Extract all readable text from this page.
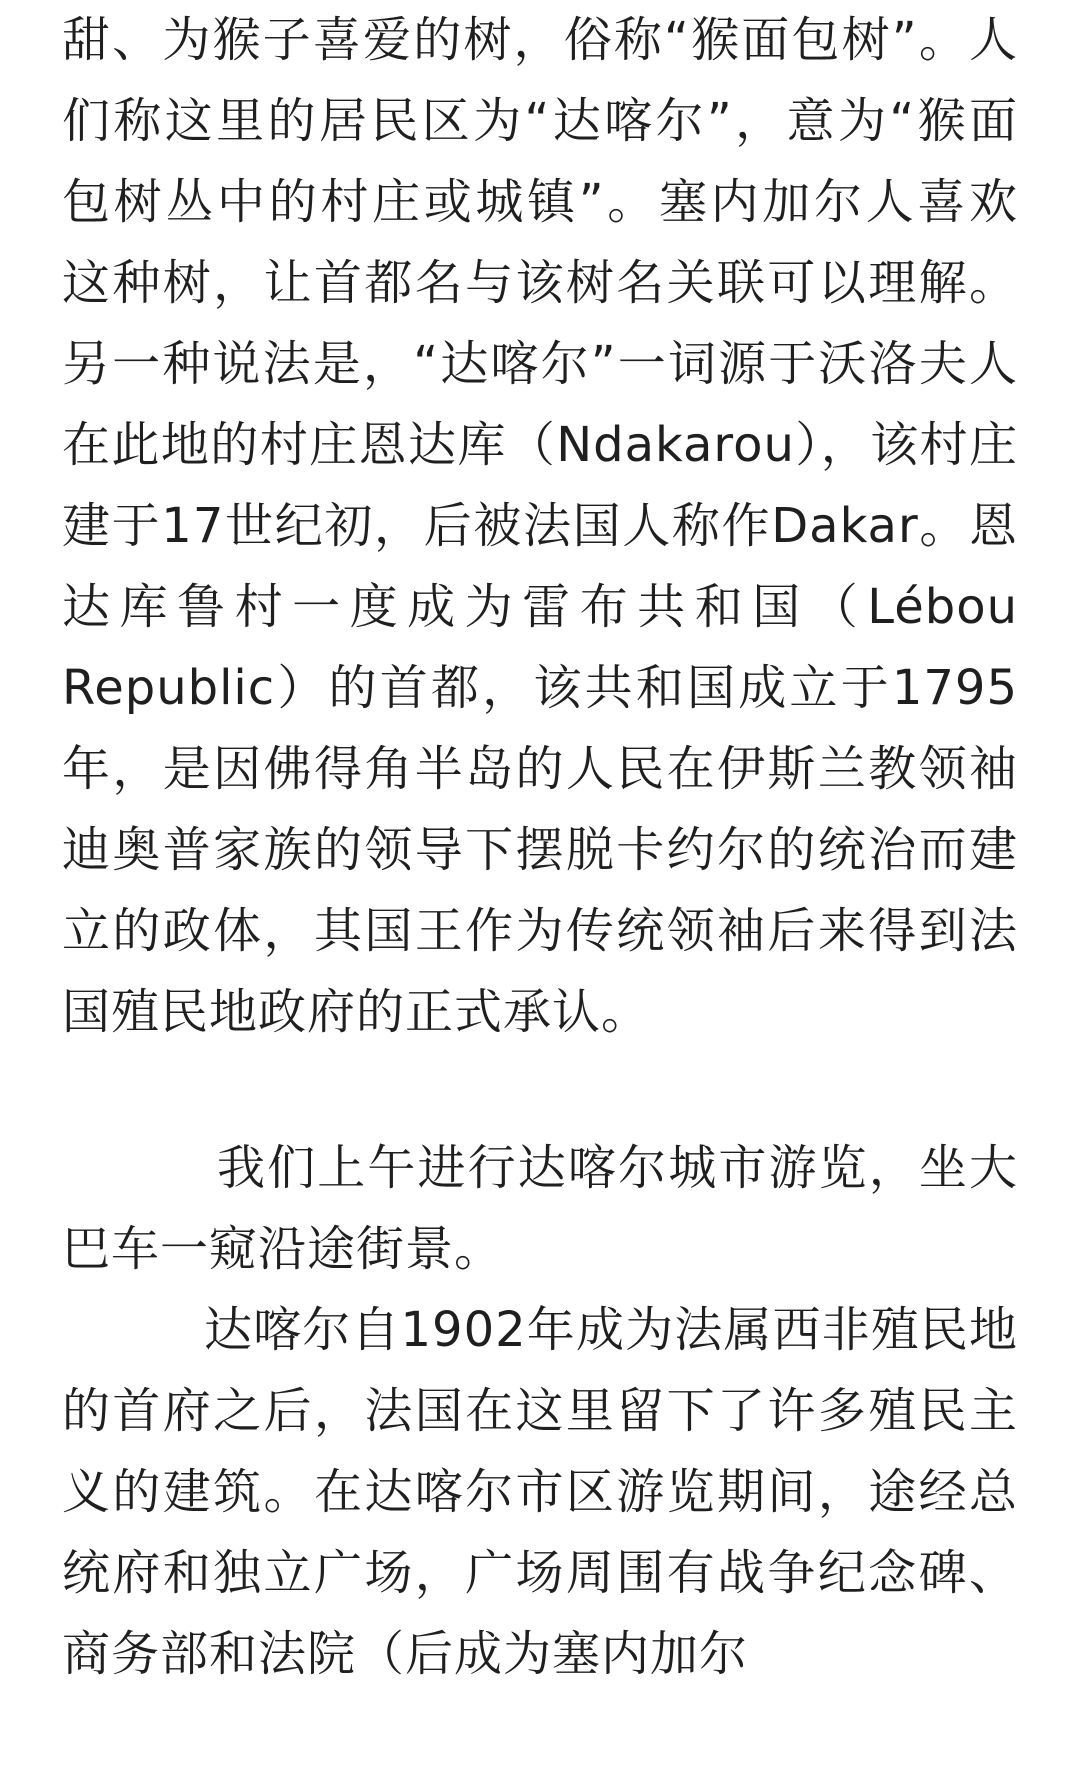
甜、为猴子喜爱的树，俗称“猴面包树”。人们称这里的居民区为“达喀尔”，意为“猴面包树丛中的村庄或城镇”。塞内加尔人喜欢这种树，让首都名与该树名关联可以理解。另一种说法是，“达喀尔”一词源于沃洛夫人在此地的村庄恩达库（Ndakarou），该村庄建于17世纪初，后被法国人称作Dakar。恩达库鲁村一度成为雷布共和国（Lébou Republic）的首都，该共和国成立于1795年，是因佛得角半岛的人民在伊斯兰教领袖迪奥普家族的领导下摆脱卡约尔的统治而建立的政体，其国王作为传统领袖后来得到法国殖民地政府的正式承认。

我们上午进行达喀尔城市游览，坐大巴车一窥沿途街景。

达喀尔自1902年成为法属西非殖民地的首府之后，法国在这里留下了许多殖民主义的建筑。在达喀尔市区游览期间，途经总统府和独立广场，广场周围有战争纪念碑、商务部和法院（后成为塞内加尔
